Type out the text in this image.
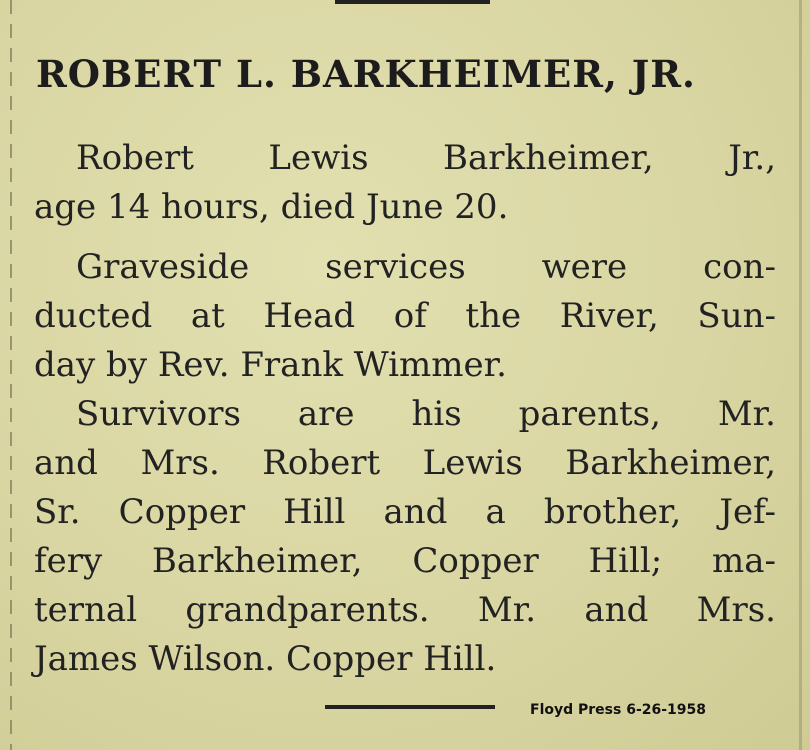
ROBERT L. BARKHEIMER, JR.
Robert Lewis Barkheimer, Jr.,
age 14 hours, died June 20.
Graveside services were con-
ducted at Head of the River, Sun-
day by Rev. Frank Wimmer.
Survivors are his parents, Mr.
and Mrs. Robert Lewis Barkheimer,
Sr. Copper Hill and a brother, Jef-
fery Barkheimer, Copper Hill; ma-
ternal grandparents. Mr. and Mrs.
James Wilson. Copper Hill.
Floyd Press 6-26-1958
